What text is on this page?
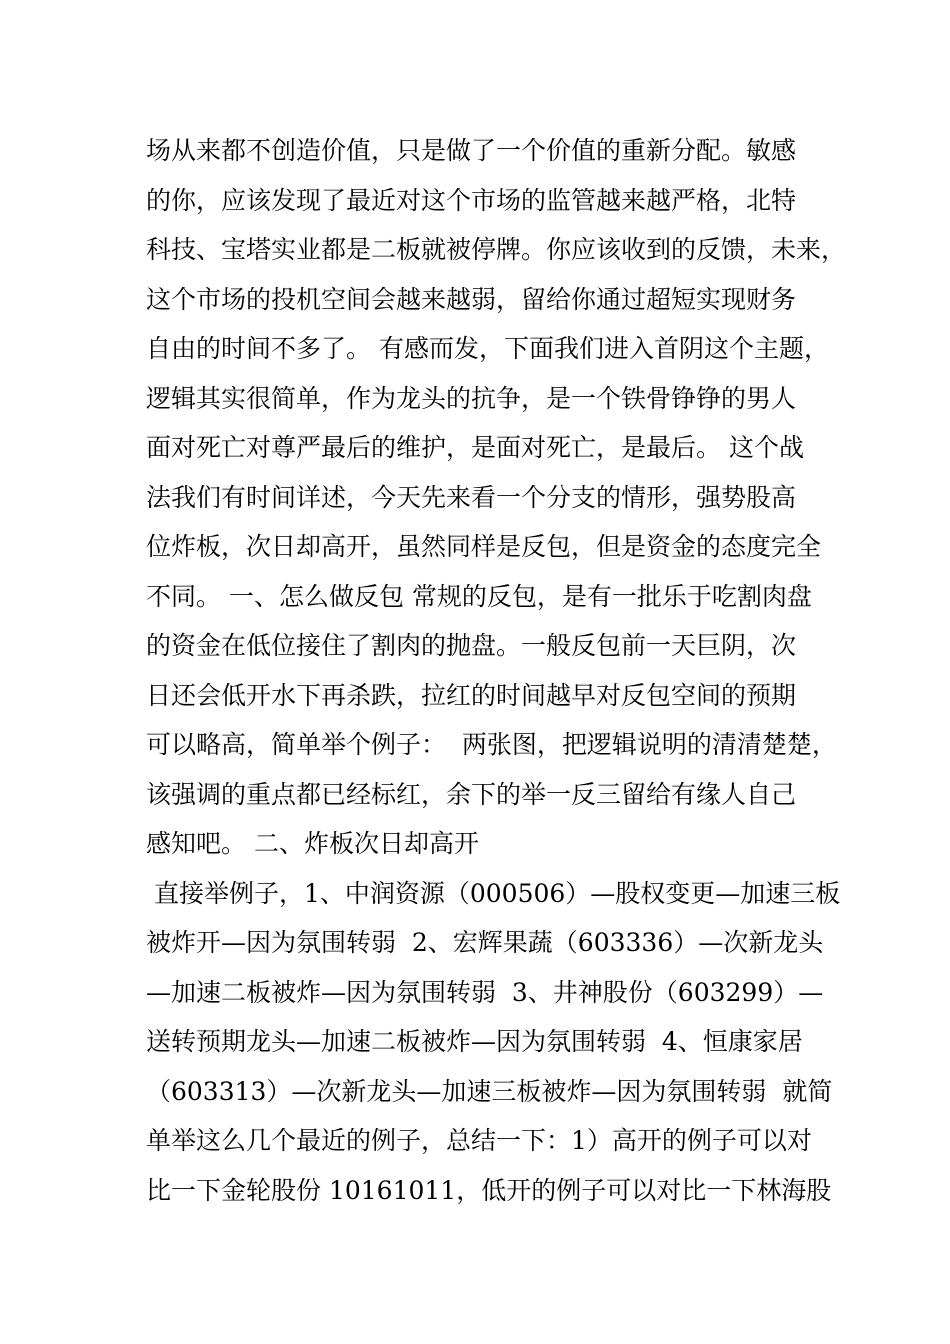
场从来都不创造价值，只是做了一个价值的重新分配。敏感
的你，应该发现了最近对这个市场的监管越来越严格，北特
科技、宝塔实业都是二板就被停牌。你应该收到的反馈，未来，
这个市场的投机空间会越来越弱，留给你通过超短实现财务
自由的时间不多了。 有感而发，下面我们进入首阴这个主题，
逻辑其实很简单，作为龙头的抗争，是一个铁骨铮铮的男人
面对死亡对尊严最后的维护，是面对死亡，是最后。 这个战
法我们有时间详述，今天先来看一个分支的情形，强势股高
位炸板，次日却高开，虽然同样是反包，但是资金的态度完全
不同。 一、怎么做反包 常规的反包，是有一批乐于吃割肉盘
的资金在低位接住了割肉的抛盘。一般反包前一天巨阴，次
日还会低开水下再杀跌，拉红的时间越早对反包空间的预期
可以略高，简单举个例子：  两张图，把逻辑说明的清清楚楚，
该强调的重点都已经标红，余下的举一反三留给有缘人自己
感知吧。 二、炸板次日却高开
直接举例子，1、中润资源（000506）—股权变更—加速三板
被炸开—因为氛围转弱  2、宏辉果蔬（603336）—次新龙头
—加速二板被炸—因为氛围转弱  3、井神股份（603299）—
送转预期龙头—加速二板被炸—因为氛围转弱  4、恒康家居
（603313）—次新龙头—加速三板被炸—因为氛围转弱  就简
单举这么几个最近的例子，总结一下：1）高开的例子可以对
比一下金轮股份 10161011，低开的例子可以对比一下林海股
